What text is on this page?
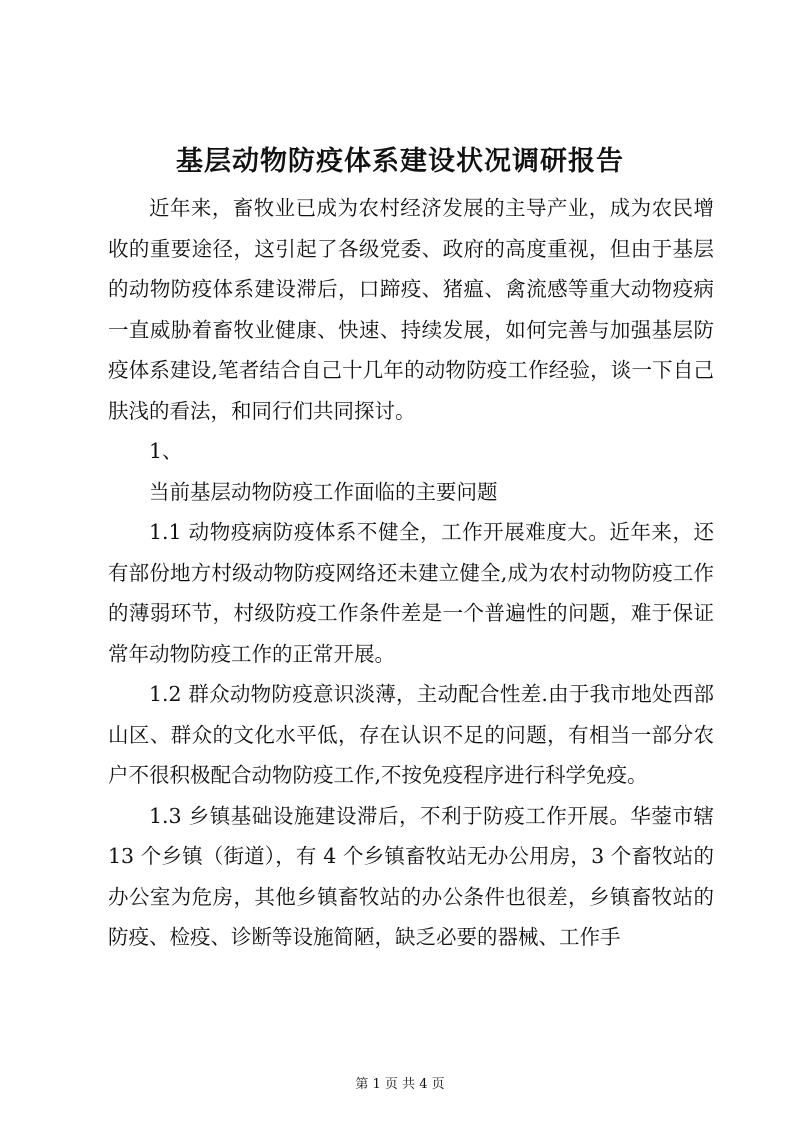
基层动物防疫体系建设状况调研报告

近年来，畜牧业已成为农村经济发展的主导产业，成为农民增收的重要途径，这引起了各级党委、政府的高度重视，但由于基层的动物防疫体系建设滞后，口蹄疫、猪瘟、禽流感等重大动物疫病一直威胁着畜牧业健康、快速、持续发展，如何完善与加强基层防疫体系建设,笔者结合自己十几年的动物防疫工作经验，谈一下自己肤浅的看法，和同行们共同探讨。

1、

当前基层动物防疫工作面临的主要问题

1.1 动物疫病防疫体系不健全，工作开展难度大。近年来，还有部份地方村级动物防疫网络还未建立健全,成为农村动物防疫工作的薄弱环节，村级防疫工作条件差是一个普遍性的问题，难于保证常年动物防疫工作的正常开展。

1.2 群众动物防疫意识淡薄，主动配合性差.由于我市地处西部山区、群众的文化水平低，存在认识不足的问题，有相当一部分农户不很积极配合动物防疫工作,不按免疫程序进行科学免疫。

1.3 乡镇基础设施建设滞后，不利于防疫工作开展。华蓥市辖 13 个乡镇（街道），有 4 个乡镇畜牧站无办公用房，3 个畜牧站的办公室为危房，其他乡镇畜牧站的办公条件也很差，乡镇畜牧站的防疫、检疫、诊断等设施简陋，缺乏必要的器械、工作手

第 1 页 共 4 页
